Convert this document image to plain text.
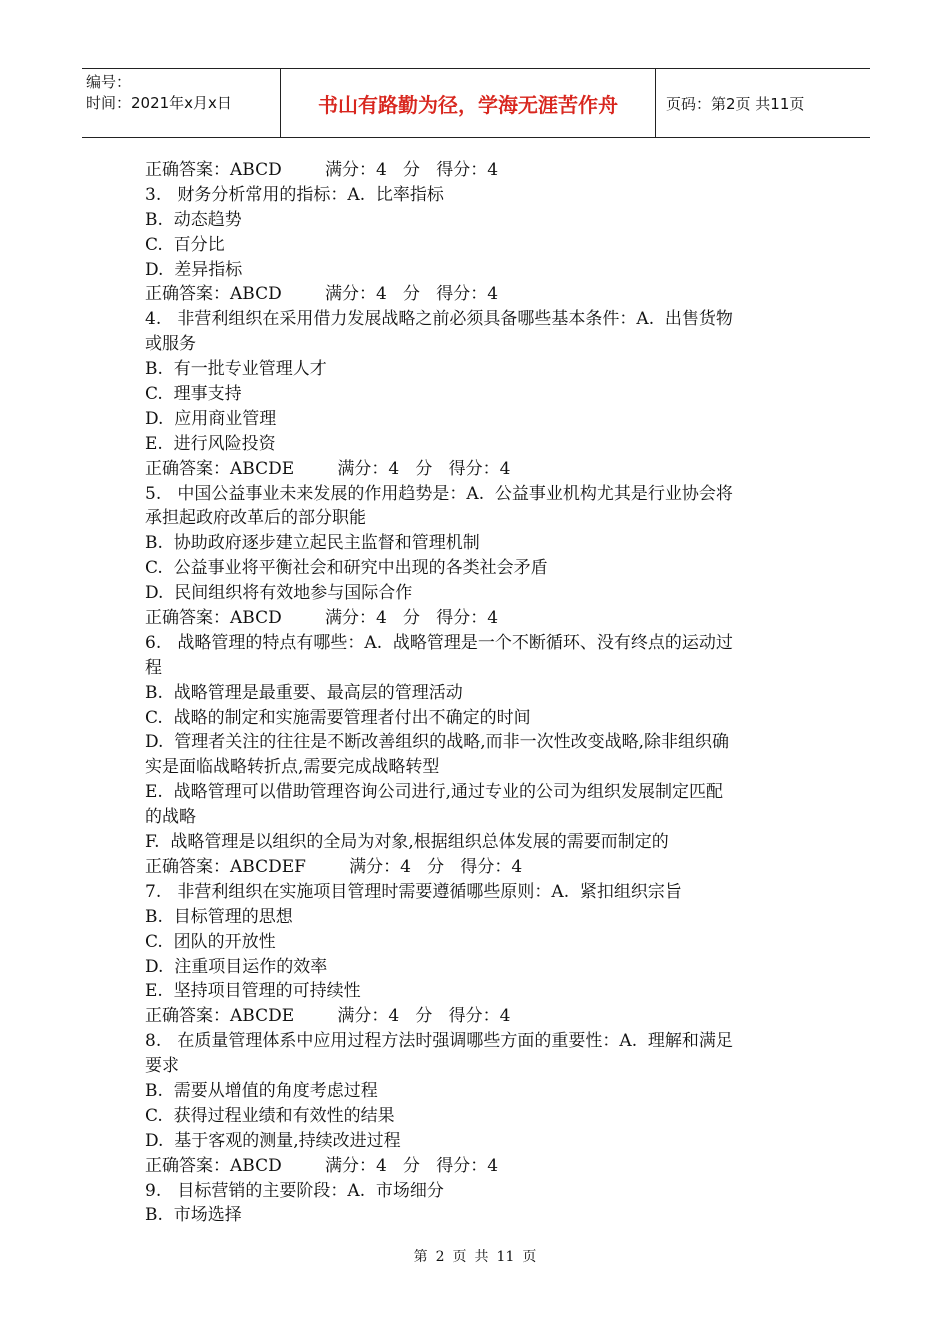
编号：
时间：2021年x月x日	书山有路勤为径，学海无涯苦作舟	页码：第2页 共11页
正确答案：ABCD        满分：4   分   得分：4
3.   财务分析常用的指标：A.  比率指标
B.  动态趋势
C.  百分比
D.  差异指标
正确答案：ABCD        满分：4   分   得分：4
4.   非营利组织在采用借力发展战略之前必须具备哪些基本条件：A.  出售货物
或服务
B.  有一批专业管理人才
C.  理事支持
D.  应用商业管理
E.  进行风险投资
正确答案：ABCDE        满分：4   分   得分：4
5.   中国公益事业未来发展的作用趋势是：A.  公益事业机构尤其是行业协会将
承担起政府改革后的部分职能
B.  协助政府逐步建立起民主监督和管理机制
C.  公益事业将平衡社会和研究中出现的各类社会矛盾
D.  民间组织将有效地参与国际合作
正确答案：ABCD        满分：4   分   得分：4
6.   战略管理的特点有哪些：A.  战略管理是一个不断循环、没有终点的运动过
程
B.  战略管理是最重要、最高层的管理活动
C.  战略的制定和实施需要管理者付出不确定的时间
D.  管理者关注的往往是不断改善组织的战略,而非一次性改变战略,除非组织确
实是面临战略转折点,需要完成战略转型
E.  战略管理可以借助管理咨询公司进行,通过专业的公司为组织发展制定匹配
的战略
F.  战略管理是以组织的全局为对象,根据组织总体发展的需要而制定的
正确答案：ABCDEF        满分：4   分   得分：4
7.   非营利组织在实施项目管理时需要遵循哪些原则：A.  紧扣组织宗旨
B.  目标管理的思想
C.  团队的开放性
D.  注重项目运作的效率
E.  坚持项目管理的可持续性
正确答案：ABCDE        满分：4   分   得分：4
8.   在质量管理体系中应用过程方法时强调哪些方面的重要性：A.  理解和满足
要求
B.  需要从增值的角度考虑过程
C.  获得过程业绩和有效性的结果
D.  基于客观的测量,持续改进过程
正确答案：ABCD        满分：4   分   得分：4
9.   目标营销的主要阶段：A.  市场细分
B.  市场选择
第 2 页 共 11 页
